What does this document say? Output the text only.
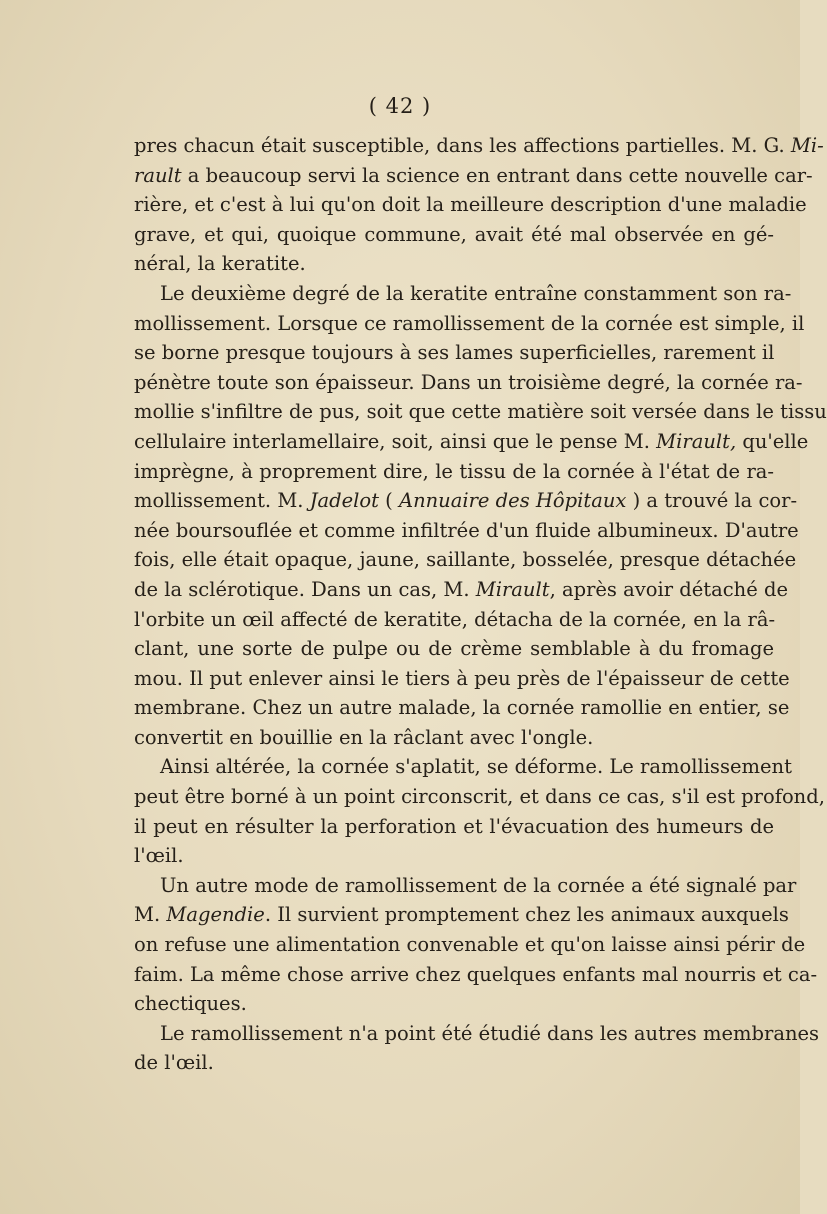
( 42 )
pres chacun était susceptible, dans les affections partielles. M. G. Mi-
rault a beaucoup servi la science en entrant dans cette nouvelle car-
rière, et c'est à lui qu'on doit la meilleure description d'une maladie
grave, et qui, quoique commune, avait été mal observée en gé-
néral, la keratite.
Le deuxième degré de la keratite entraîne constamment son ra-
mollissement. Lorsque ce ramollissement de la cornée est simple, il
se borne presque toujours à ses lames superficielles, rarement il
pénètre toute son épaisseur. Dans un troisième degré, la cornée ra-
mollie s'infiltre de pus, soit que cette matière soit versée dans le tissu
cellulaire interlamellaire, soit, ainsi que le pense M. Mirault, qu'elle
imprègne, à proprement dire, le tissu de la cornée à l'état de ra-
mollissement. M. Jadelot ( Annuaire des Hôpitaux ) a trouvé la cor-
née boursouflée et comme infiltrée d'un fluide albumineux. D'autre
fois, elle était opaque, jaune, saillante, bosselée, presque détachée
de la sclérotique. Dans un cas, M. Mirault, après avoir détaché de
l'orbite un œil affecté de keratite, détacha de la cornée, en la râ-
clant, une sorte de pulpe ou de crème semblable à du fromage
mou. Il put enlever ainsi le tiers à peu près de l'épaisseur de cette
membrane. Chez un autre malade, la cornée ramollie en entier, se
convertit en bouillie en la râclant avec l'ongle.
Ainsi altérée, la cornée s'aplatit, se déforme. Le ramollissement
peut être borné à un point circonscrit, et dans ce cas, s'il est profond,
il peut en résulter la perforation et l'évacuation des humeurs de
l'œil.
Un autre mode de ramollissement de la cornée a été signalé par
M. Magendie. Il survient promptement chez les animaux auxquels
on refuse une alimentation convenable et qu'on laisse ainsi périr de
faim. La même chose arrive chez quelques enfants mal nourris et ca-
chectiques.
Le ramollissement n'a point été étudié dans les autres membranes
de l'œil.
